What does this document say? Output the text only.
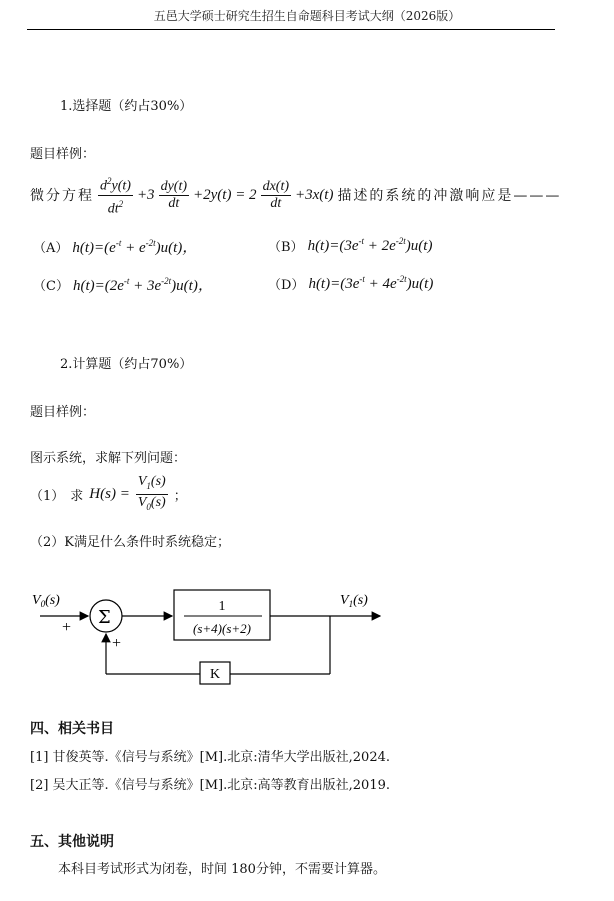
五邑大学硕士研究生招生自命题科目考试大纲（2026版）
1.选择题（约占30%）
题目样例：
微分方程 $\frac{d^2y(t)}{dt^2} +3 \frac{dy(t)}{dt} +2y(t) = 2 \frac{dx(t)}{dt} +3x(t)$ 描述的系统的冲激响应是———
（A） $h(t)=(e^{-t} + e^{-2t})u(t)$，	（B） $h(t)=(3e^{-t} + 2e^{-2t})u(t)$
（C） $h(t)=(2e^{-t} + 3e^{-2t})u(t)$，	（D） $h(t)=(3e^{-t} + 4e^{-2t})u(t)$
2.计算题（约占70%）
题目样例：
图示系统，求解下列问题：
（1） 求 $H(s) = \frac{V_1(s)}{V_0(s)}$ ；
（2）K满足什么条件时系统稳定；
$V_0(s)$
+ Σ
1
(s+4)(s+2)
$V_1(s)$
K
+
四、相关书目
[1] 甘俊英等.《信号与系统》[M].北京:清华大学出版社,2024.
[2] 吴大正等.《信号与系统》[M].北京:高等教育出版社,2019.
五、其他说明
本科目考试形式为闭卷，时间 180分钟，不需要计算器。
